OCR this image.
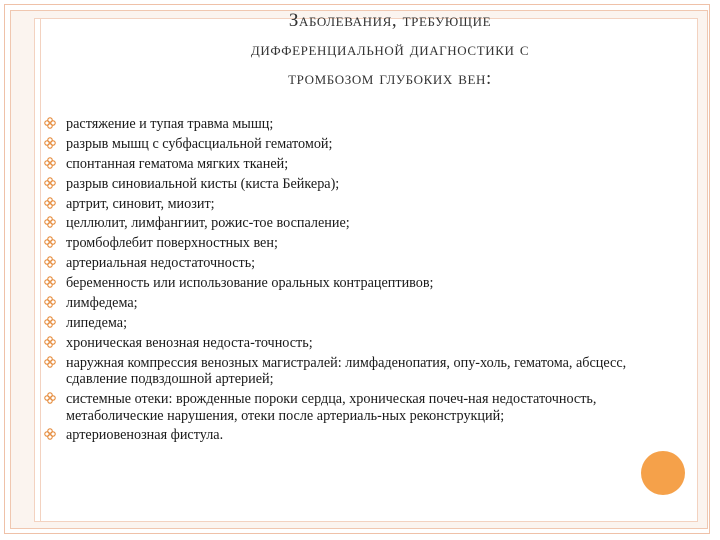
Заболевания, требующие
дифференциальной диагностики с
тромбозом глубоких вен:
растяжение и тупая травма мышц;
разрыв мышц с субфасциальной гематомой;
спонтанная гематома мягких тканей;
разрыв синовиальной кисты (киста Бейкера);
артрит, синовит, миозит;
целлюлит, лимфангиит, рожис-тое воспаление;
тромбофлебит поверхностных вен;
артериальная недостаточность;
беременность или использование оральных контрацептивов;
лимфедема;
липедема;
хроническая венозная недоста-точность;
наружная компрессия венозных магистралей: лимфаденопатия, опу-холь, гематома, абсцесс, сдавление подвздошной артерией;
системные отеки: врожденные пороки сердца, хроническая почеч-ная недостаточность, метаболические нарушения, отеки после артериаль-ных реконструкций;
артериовенозная фистула.
